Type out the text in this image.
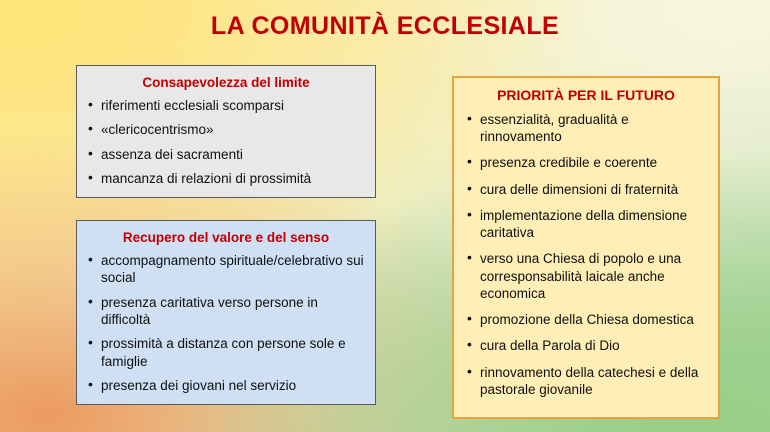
LA COMUNITÀ ECCLESIALE
Consapevolezza del limite
• riferimenti ecclesiali scomparsi
• «clericocentrismo»
• assenza dei sacramenti
• mancanza di relazioni di prossimità
Recupero del valore e del senso
• accompagnamento spirituale/celebrativo sui social
• presenza caritativa verso persone in difficoltà
• prossimità a distanza con persone sole e famiglie
• presenza dei giovani nel servizio
PRIORITÀ PER IL FUTURO
• essenzialità, gradualità e rinnovamento
• presenza credibile e coerente
• cura delle dimensioni di fraternità
• implementazione della dimensione caritativa
• verso una Chiesa di popolo e una corresponsabilità laicale anche economica
• promozione della Chiesa domestica
• cura della Parola di Dio
• rinnovamento della catechesi e della pastorale giovanile
